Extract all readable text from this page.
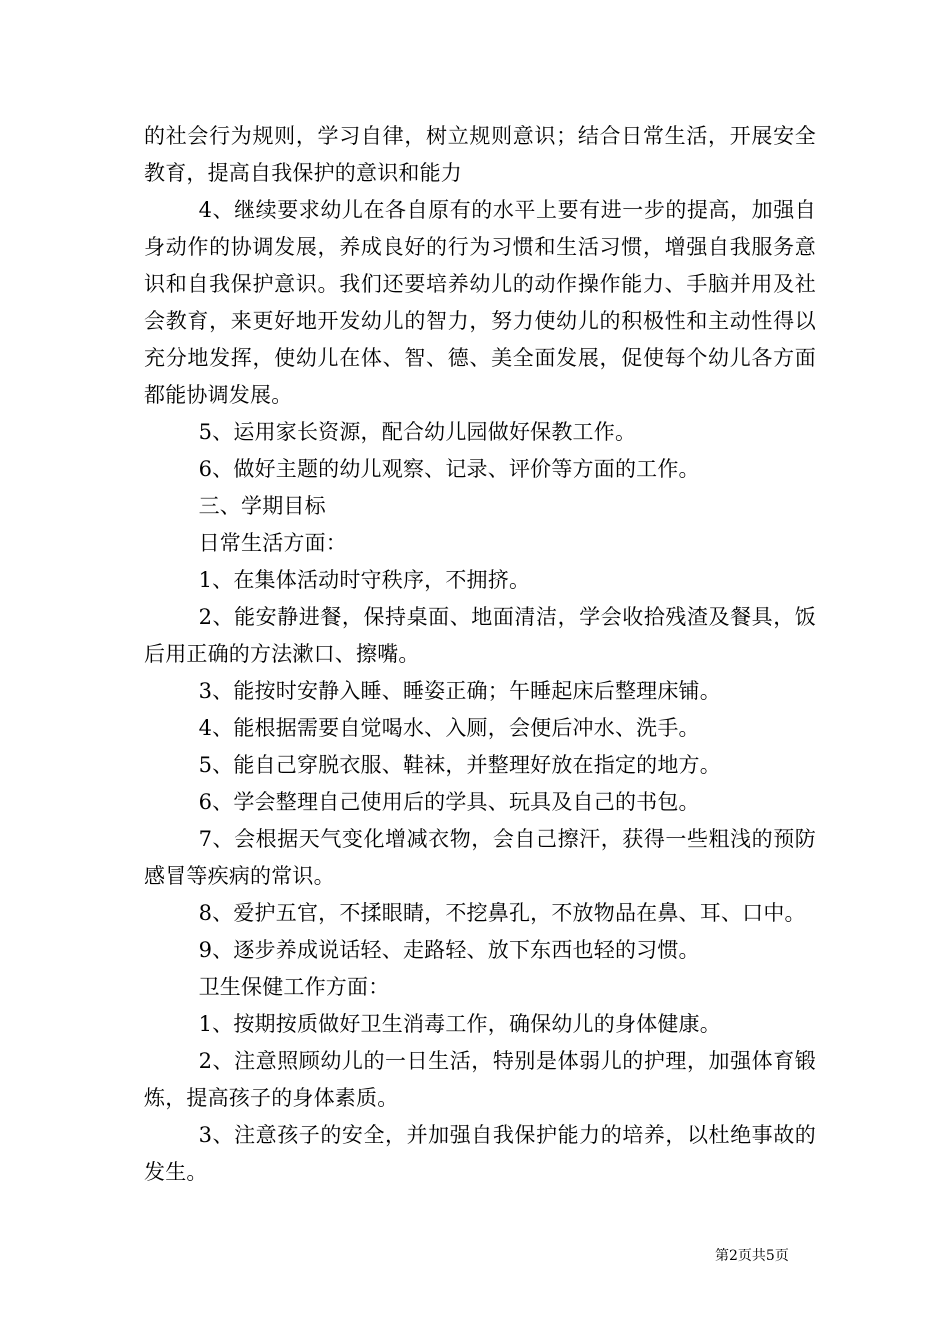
的社会行为规则，学习自律，树立规则意识；结合日常生活，开展安全教育，提高自我保护的意识和能力

4、继续要求幼儿在各自原有的水平上要有进一步的提高，加强自身动作的协调发展，养成良好的行为习惯和生活习惯，增强自我服务意识和自我保护意识。我们还要培养幼儿的动作操作能力、手脑并用及社会教育，来更好地开发幼儿的智力，努力使幼儿的积极性和主动性得以充分地发挥，使幼儿在体、智、德、美全面发展，促使每个幼儿各方面都能协调发展。

5、运用家长资源，配合幼儿园做好保教工作。

6、做好主题的幼儿观察、记录、评价等方面的工作。

三、学期目标

日常生活方面：

1、在集体活动时守秩序，不拥挤。

2、能安静进餐，保持桌面、地面清洁，学会收拾残渣及餐具，饭后用正确的方法漱口、擦嘴。

3、能按时安静入睡、睡姿正确；午睡起床后整理床铺。

4、能根据需要自觉喝水、入厕，会便后冲水、洗手。

5、能自己穿脱衣服、鞋袜，并整理好放在指定的地方。

6、学会整理自己使用后的学具、玩具及自己的书包。

7、会根据天气变化增减衣物，会自己擦汗，获得一些粗浅的预防感冒等疾病的常识。

8、爱护五官，不揉眼睛，不挖鼻孔，不放物品在鼻、耳、口中。

9、逐步养成说话轻、走路轻、放下东西也轻的习惯。

卫生保健工作方面：

1、按期按质做好卫生消毒工作，确保幼儿的身体健康。

2、注意照顾幼儿的一日生活，特别是体弱儿的护理，加强体育锻炼，提高孩子的身体素质。

3、注意孩子的安全，并加强自我保护能力的培养，以杜绝事故的发生。

第2页共5页
